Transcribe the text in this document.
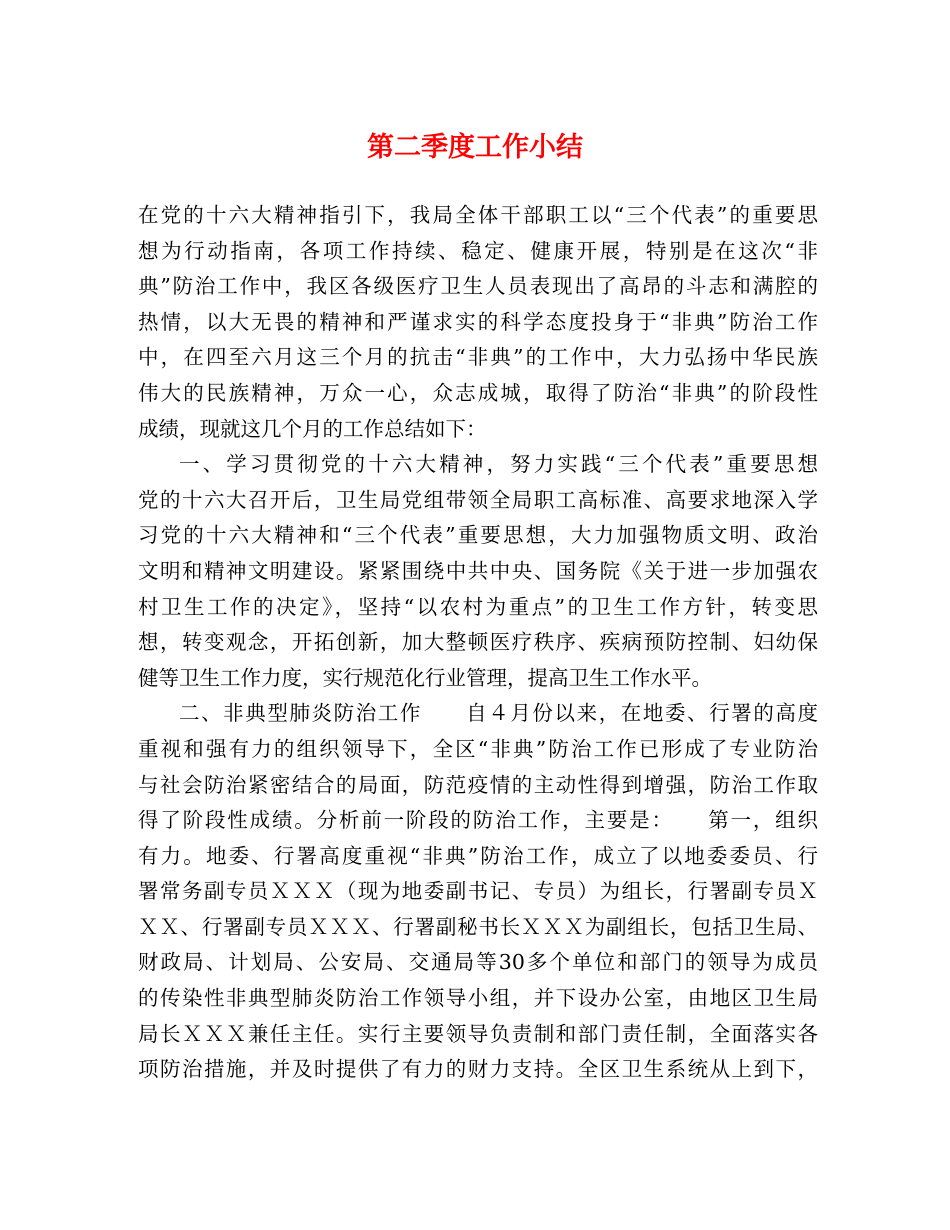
第二季度工作小结
在党的十六大精神指引下，我局全体干部职工以“三个代表”的重要思
想为行动指南，各项工作持续、稳定、健康开展，特别是在这次“非
典”防治工作中，我区各级医疗卫生人员表现出了高昂的斗志和满腔的
热情，以大无畏的精神和严谨求实的科学态度投身于“非典”防治工作
中，在四至六月这三个月的抗击“非典”的工作中，大力弘扬中华民族
伟大的民族精神，万众一心，众志成城，取得了防治“非典”的阶段性
成绩，现就这几个月的工作总结如下：
一、学习贯彻党的十六大精神，努力实践“三个代表”重要思想
党的十六大召开后，卫生局党组带领全局职工高标准、高要求地深入学
习党的十六大精神和“三个代表”重要思想，大力加强物质文明、政治
文明和精神文明建设。紧紧围绕中共中央、国务院《关于进一步加强农
村卫生工作的决定》，坚持“以农村为重点”的卫生工作方针，转变思
想，转变观念，开拓创新，加大整顿医疗秩序、疾病预防控制、妇幼保
健等卫生工作力度，实行规范化行业管理，提高卫生工作水平。
二、非典型肺炎防治工作　　自４月份以来，在地委、行署的高度
重视和强有力的组织领导下，全区“非典”防治工作已形成了专业防治
与社会防治紧密结合的局面，防范疫情的主动性得到增强，防治工作取
得了阶段性成绩。分析前一阶段的防治工作，主要是：　　第一，组织
有力。地委、行署高度重视“非典”防治工作，成立了以地委委员、行
署常务副专员ＸＸＸ（现为地委副书记、专员）为组长，行署副专员Ｘ
ＸＸ、行署副专员ＸＸＸ、行署副秘书长ＸＸＸ为副组长，包括卫生局、
财政局、计划局、公安局、交通局等30多个单位和部门的领导为成员
的传染性非典型肺炎防治工作领导小组，并下设办公室，由地区卫生局
局长ＸＸＸ兼任主任。实行主要领导负责制和部门责任制，全面落实各
项防治措施，并及时提供了有力的财力支持。全区卫生系统从上到下，
